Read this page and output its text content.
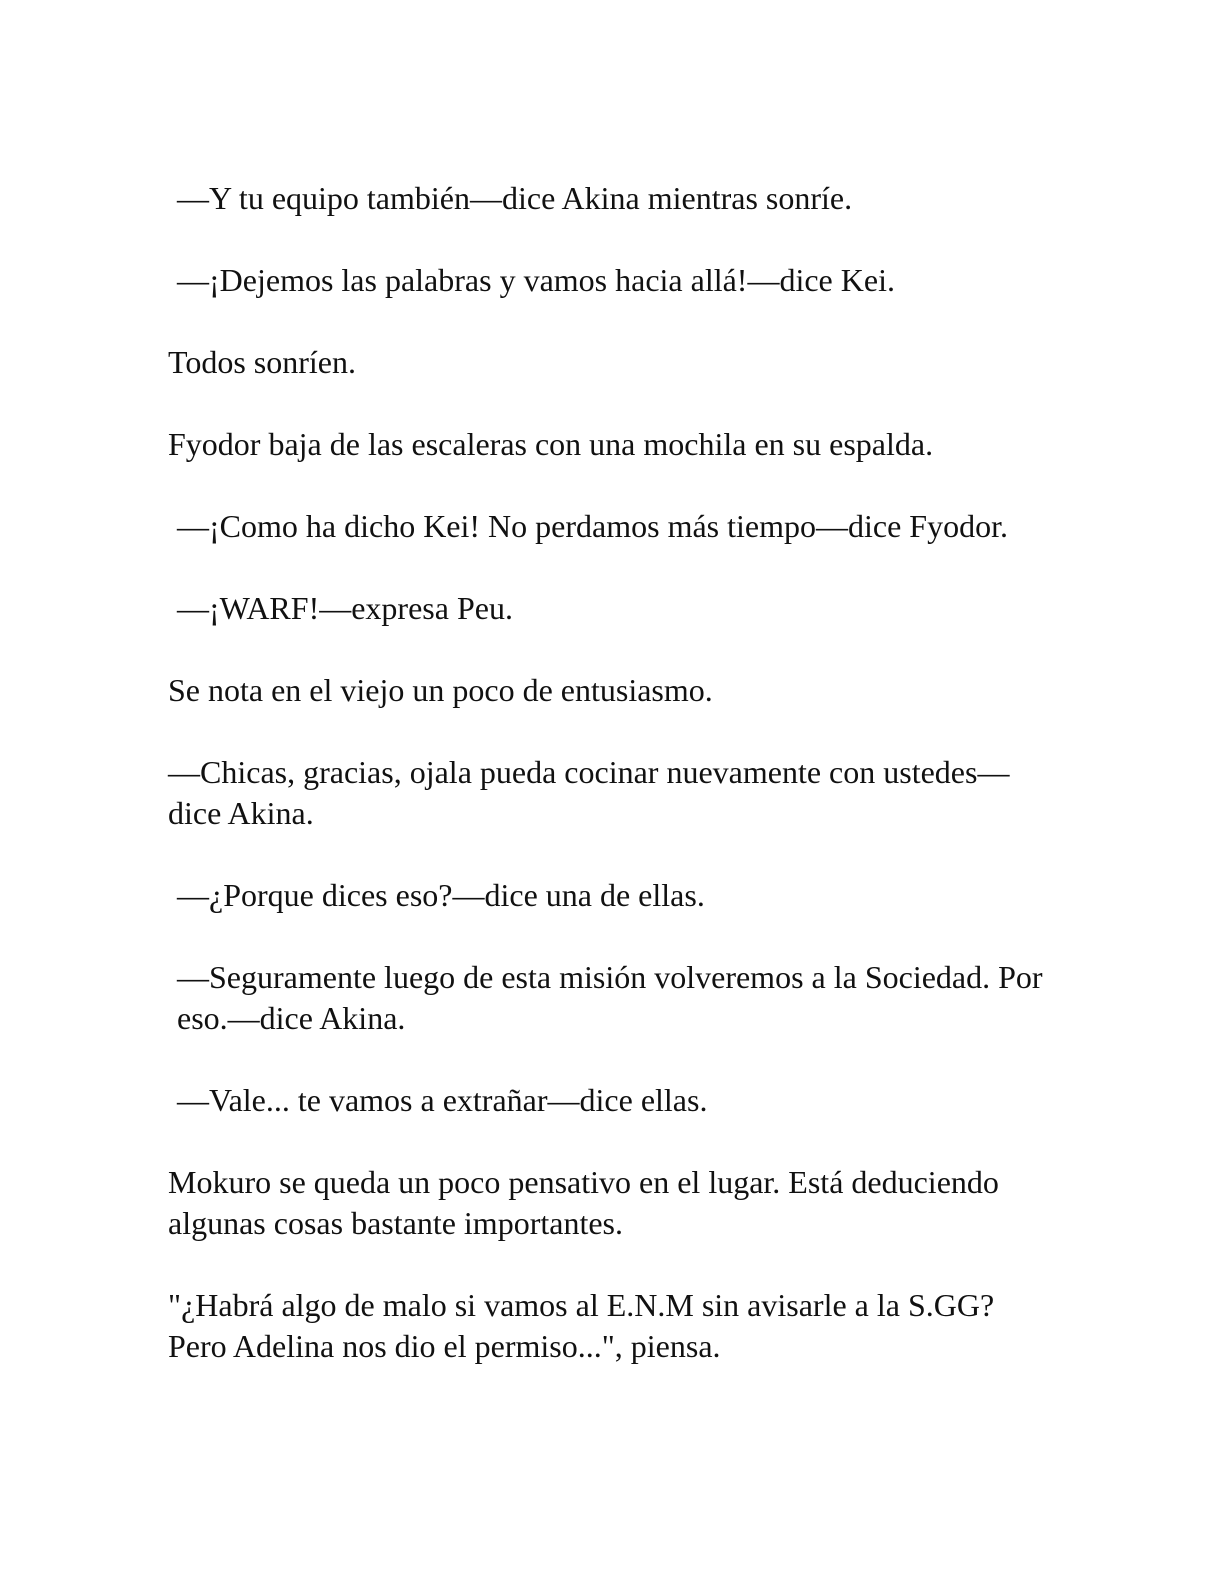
—Y tu equipo también—dice Akina mientras sonríe.

—¡Dejemos las palabras y vamos hacia allá!—dice Kei.

Todos sonríen.

Fyodor baja de las escaleras con una mochila en su espalda.

—¡Como ha dicho Kei! No perdamos más tiempo—dice Fyodor.

—¡WARF!—expresa Peu.

Se nota en el viejo un poco de entusiasmo.

—Chicas, gracias, ojala pueda cocinar nuevamente con ustedes—dice Akina.

—¿Porque dices eso?—dice una de ellas.

—Seguramente luego de esta misión volveremos a la Sociedad. Por eso.—dice Akina.

—Vale... te vamos a extrañar—dice ellas.

Mokuro se queda un poco pensativo en el lugar. Está deduciendo algunas cosas bastante importantes.

"¿Habrá algo de malo si vamos al E.N.M sin avisarle a la S.GG? Pero Adelina nos dio el permiso...", piensa.
